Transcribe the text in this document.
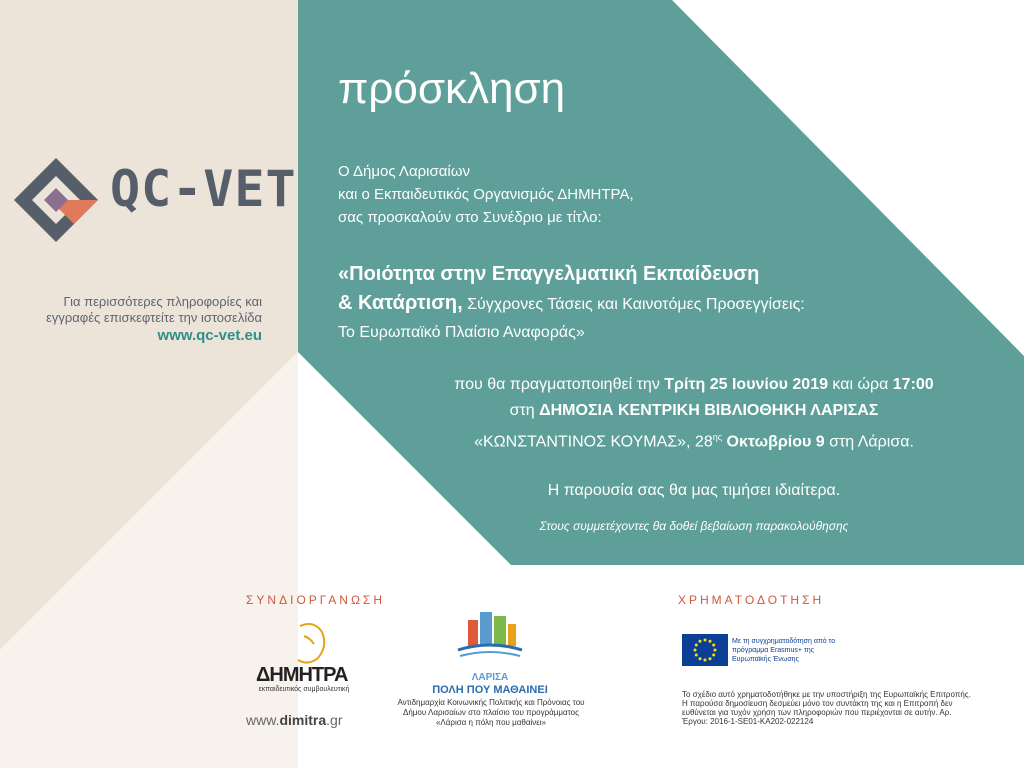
QC-VET
Για περισσότερες πληροφορίες και εγγραφές επισκεφτείτε την ιστοσελίδα
www.qc-vet.eu
πρόσκληση
Ο Δήμος Λαρισαίων
και ο Εκπαιδευτικός Οργανισμός ΔΗΜΗΤΡΑ,
σας προσκαλούν στο Συνέδριο με τίτλο:
«Ποιότητα στην Επαγγελματική Εκπαίδευση
& Κατάρτιση, Σύγχρονες Τάσεις και Καινοτόμες Προσεγγίσεις:
Το Ευρωπαϊκό Πλαίσιο Αναφοράς»
που θα πραγματοποιηθεί την Τρίτη 25 Ιουνίου 2019 και ώρα 17:00
στη ΔΗΜΟΣΙΑ ΚΕΝΤΡΙΚΗ ΒΙΒΛΙΟΘΗΚΗ ΛΑΡΙΣΑΣ
«ΚΩΝΣΤΑΝΤΙΝΟΣ ΚΟΥΜΑΣ», $28^{\eta\varsigma}$ Οκτωβρίου 9 στη Λάρισα.
Η παρουσία σας θα μας τιμήσει ιδιαίτερα.
Στους συμμετέχοντες θα δοθεί βεβαίωση παρακολούθησης
ΣΥΝΔΙΟΡΓΑΝΩΣΗ
ΔΗΜΗΤΡΑ
εκπαιδευτικός συμβουλευτική
www.dimitra.gr
ΛΑΡΙΣΑ
ΠΟΛΗ ΠΟΥ ΜΑΘΑΙΝΕΙ
Αντιδημαρχία Κοινωνικής Πολιτικής και Πρόνοιας του Δήμου Λαρισαίων στο πλαίσιο του προγράμματος «Λάρισα η πόλη που μαθαίνει»
ΧΡΗΜΑΤΟΔΟΤΗΣΗ
Με τη συγχρηματοδότηση από το πρόγραμμα Erasmus+ της Ευρωπαϊκής Ένωσης
Το σχέδιο αυτό χρηματοδοτήθηκε με την υποστήριξη της Ευρωπαϊκής Επιτροπής. Η παρούσα δημοσίευση δεσμεύει μόνο τον συντάκτη της και η Επιτροπή δεν ευθύνεται για τυχόν χρήση των πληροφοριών που περιέχονται σε αυτήν. Αρ. Έργου: 2016-1-SE01-KA202-022124
